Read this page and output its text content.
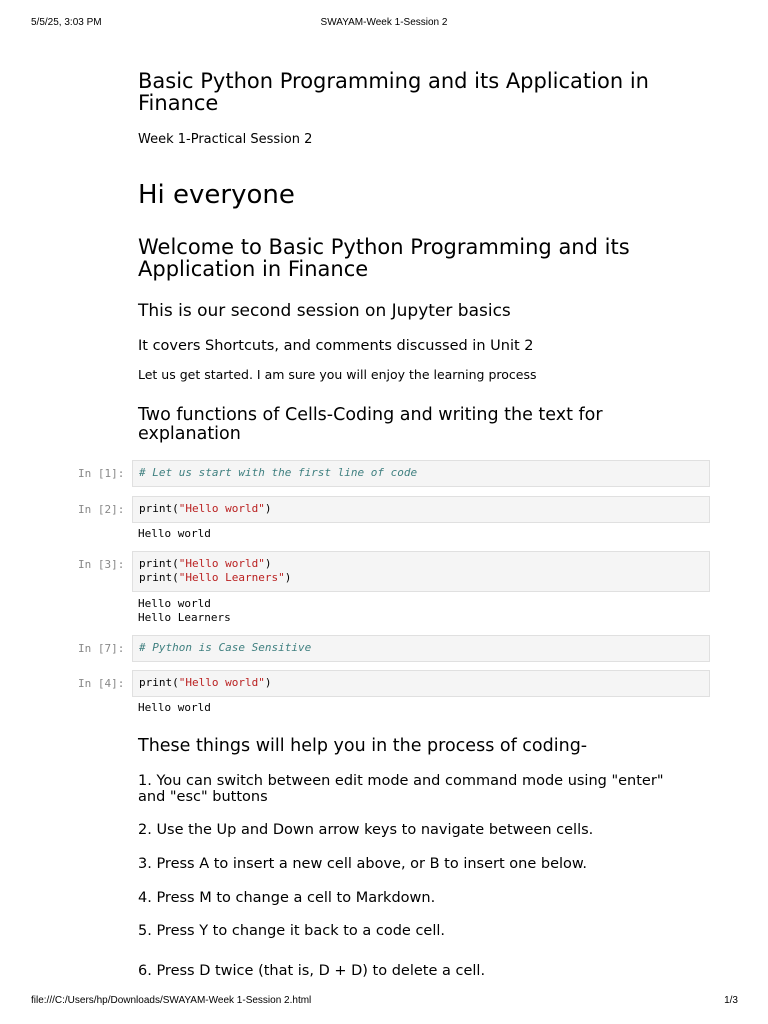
5/5/25, 3:03 PM	SWAYAM-Week 1-Session 2
Basic Python Programming and its Application in
Finance
Week 1-Practical Session 2
Hi everyone
Welcome to Basic Python Programming and its
Application in Finance
This is our second session on Jupyter basics
It covers Shortcuts, and comments discussed in Unit 2
Let us get started. I am sure you will enjoy the learning process
Two functions of Cells-Coding and writing the text for
explanation
In [1]:	# Let us start with the first line of code
In [2]:	print("Hello world")
Hello world
In [3]:	print("Hello world")
print("Hello Learners")
Hello world
Hello Learners
In [7]:	# Python is Case Sensitive
In [4]:	print("Hello world")
Hello world
These things will help you in the process of coding-
1. You can switch between edit mode and command mode using "enter"
and "esc" buttons
2. Use the Up and Down arrow keys to navigate between cells.
3. Press A to insert a new cell above, or B to insert one below.
4. Press M to change a cell to Markdown.
5. Press Y to change it back to a code cell.
6. Press D twice (that is, D + D) to delete a cell.
file:///C:/Users/hp/Downloads/SWAYAM-Week 1-Session 2.html	1/3
